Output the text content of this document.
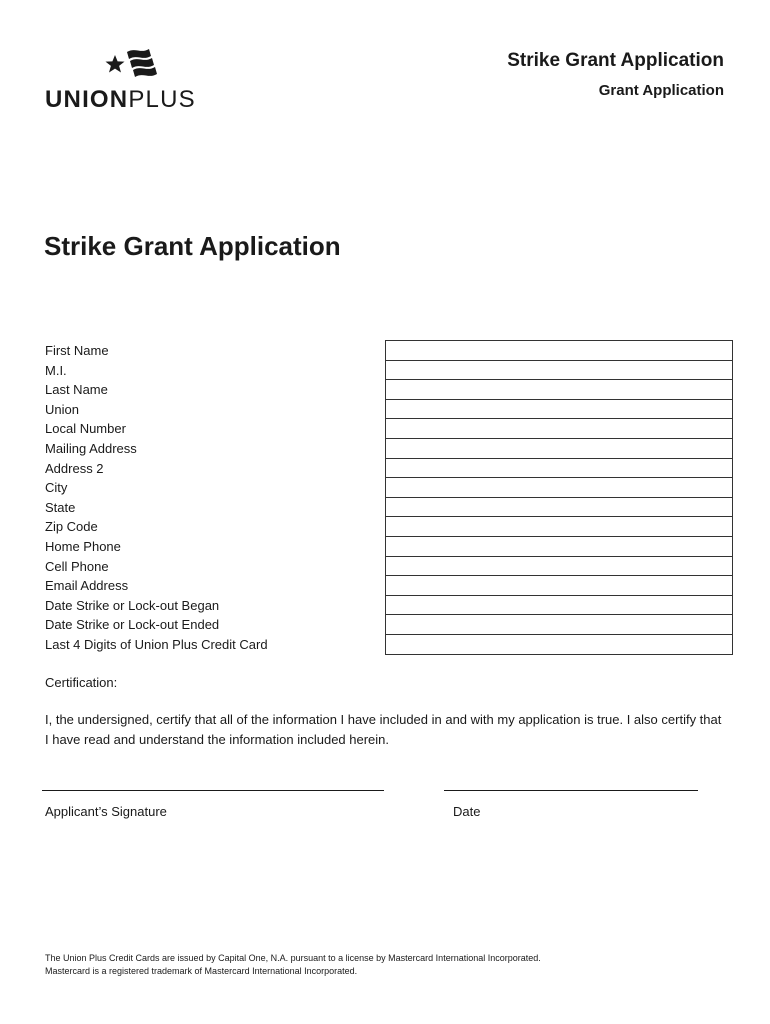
UNIONPLUS
Strike Grant Application
Grant Application
Strike Grant Application
First Name
M.I.
Last Name
Union
Local Number
Mailing Address
Address 2
City
State
Zip Code
Home Phone
Cell Phone
Email Address
Date Strike or Lock-out Began
Date Strike or Lock-out Ended
Last 4 Digits of Union Plus Credit Card
Certification:
I, the undersigned, certify that all of the information I have included in and with my application is true. I also certify that I have read and understand the information included herein.
Applicant’s Signature	Date
The Union Plus Credit Cards are issued by Capital One, N.A. pursuant to a license by Mastercard International Incorporated.
Mastercard is a registered trademark of Mastercard International Incorporated.
